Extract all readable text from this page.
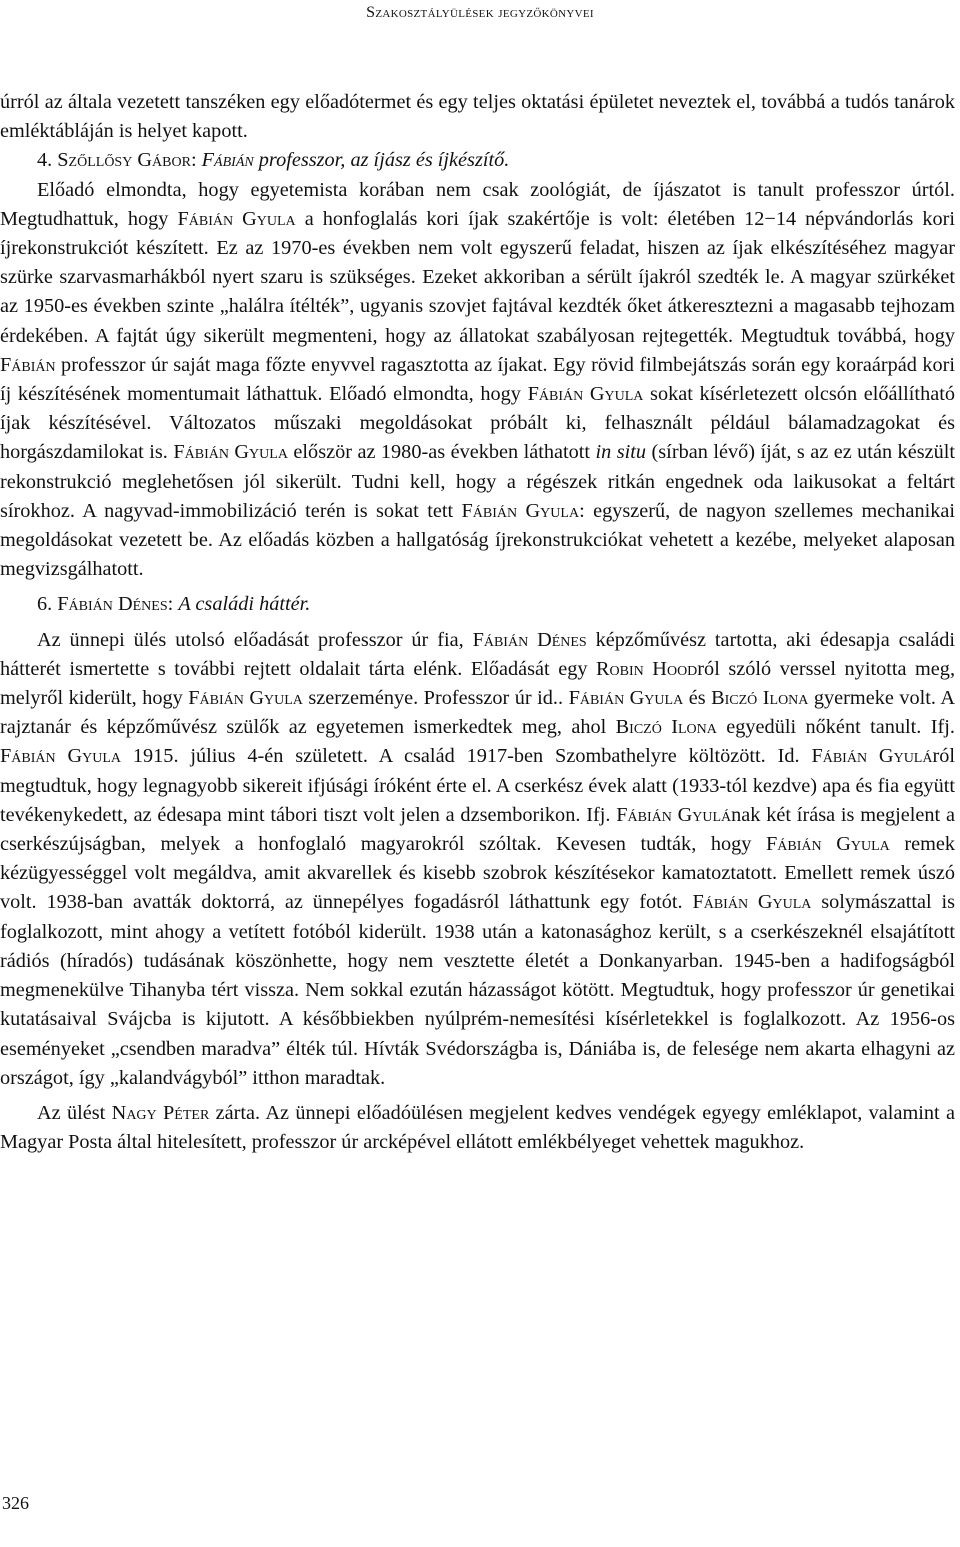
Szakosztályülések jegyzőkönyvei

úrról az általa vezetett tanszéken egy előadótermet és egy teljes oktatási épületet neveztek el, továbbá a tudós tanárok emléktábláján is helyet kapott.

4. Szőllősy Gábor: Fábián professzor, az íjász és íjkészítő.

Előadó elmondta, hogy egyetemista korában nem csak zoológiát, de íjászatot is tanult professzor úrtól. Megtudhattuk, hogy Fábián Gyula a honfoglalás kori íjak szakértője is volt: életében 12−14 népvándorlás kori íjrekonstrukciót készített. Ez az 1970-es években nem volt egyszerű feladat, hiszen az íjak elkészítéséhez magyar szürke szarvasmarhákból nyert szaru is szükséges. Ezeket akkoriban a sérült íjakról szedték le. A magyar szürkéket az 1950-es években szinte „halálra ítélték”, ugyanis szovjet fajtával kezdték őket átkeresztezni a magasabb tejhozam érdekében. A fajtát úgy sikerült megmenteni, hogy az állatokat szabályosan rejtegették. Megtudtuk továbbá, hogy Fábián professzor úr saját maga főzte enyvvel ragasztotta az íjakat. Egy rövid filmbejátszás során egy koraárpád kori íj készítésének momentumait láthattuk. Előadó elmondta, hogy Fábián Gyula sokat kísérletezett olcsón előállítható íjak készítésével. Változatos műszaki megoldásokat próbált ki, felhasznált például bálamadzagokat és horgászdamilokat is. Fábián Gyula először az 1980-as években láthatott in situ (sírban lévő) íját, s az ez után készült rekonstrukció meglehetősen jól sikerült. Tudni kell, hogy a régészek ritkán engednek oda laikusokat a feltárt sírokhoz. A nagyvad-immobilizáció terén is sokat tett Fábián Gyula: egyszerű, de nagyon szellemes mechanikai megoldásokat vezetett be. Az előadás közben a hallgatóság íjrekonstrukciókat vehetett a kezébe, melyeket alaposan megvizsgálhatott.

6. Fábián Dénes: A családi háttér.

Az ünnepi ülés utolsó előadását professzor úr fia, Fábián Dénes képzőművész tartotta, aki édesapja családi hátterét ismertette s további rejtett oldalait tárta elénk. Előadását egy Robin Hoodról szóló verssel nyitotta meg, melyről kiderült, hogy Fábián Gyula szerzeménye. Professzor úr id.. Fábián Gyula és Biczó Ilona gyermeke volt. A rajztanár és képzőművész szülők az egyetemen ismerkedtek meg, ahol Biczó Ilona egyedüli nőként tanult. Ifj. Fábián Gyula 1915. július 4-én született. A család 1917-ben Szombathelyre költözött. Id. Fábián Gyuláról megtudtuk, hogy legnagyobb sikereit ifjúsági íróként érte el. A cserkész évek alatt (1933-tól kezdve) apa és fia együtt tevékenykedett, az édesapa mint tábori tiszt volt jelen a dzsemborikon. Ifj. Fábián Gyulának két írása is megjelent a cserkészújságban, melyek a honfoglaló magyarokról szóltak. Kevesen tudták, hogy Fábián Gyula remek kézügyességgel volt megáldva, amit akvarellek és kisebb szobrok készítésekor kamatoztatott. Emellett remek úszó volt. 1938-ban avatták doktorrá, az ünnepélyes fogadásról láthattunk egy fotót. Fábián Gyula solymászattal is foglalkozott, mint ahogy a vetített fotóból kiderült. 1938 után a katonasághoz került, s a cserkészeknél elsajátított rádiós (híradós) tudásának köszönhette, hogy nem vesztette életét a Donkanyarban. 1945-ben a hadifogságból megmenekülve Tihanyba tért vissza. Nem sokkal ezután házasságot kötött. Megtudtuk, hogy professzor úr genetikai kutatásaival Svájcba is kijutott. A későbbiekben nyúlprém-nemesítési kísérletekkel is foglalkozott. Az 1956-os eseményeket „csendben maradva” élték túl. Hívták Svédországba is, Dániába is, de felesége nem akarta elhagyni az országot, így „kalandvágyból” itthon maradtak.

Az ülést Nagy Péter zárta. Az ünnepi előadóülésen megjelent kedves vendégek egyegy emléklapot, valamint a Magyar Posta által hitelesített, professzor úr arcképével ellátott emlékbélyeget vehettek magukhoz.

326
